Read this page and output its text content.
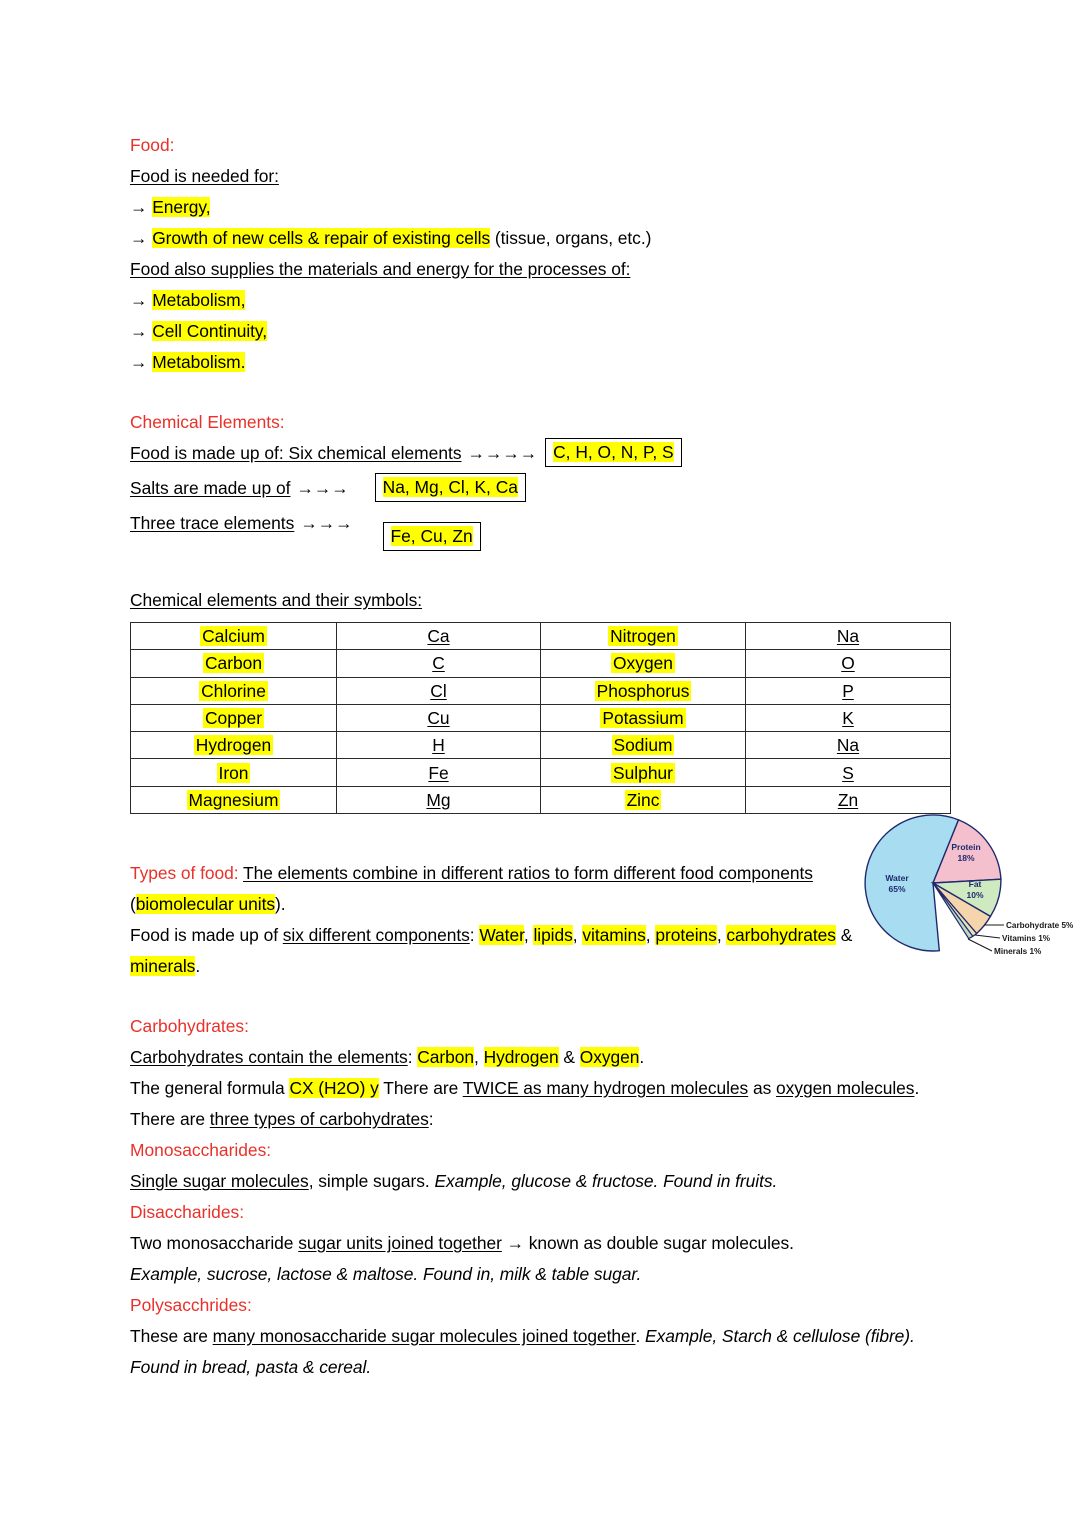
Food:
Food is needed for:
→ Energy,
→ Growth of new cells & repair of existing cells (tissue, organs, etc.)
Food also supplies the materials and energy for the processes of:
→ Metabolism,
→ Cell Continuity,
→ Metabolism.
Chemical Elements:
Food is made up of: Six chemical elements →→→→ C, H, O, N, P, S
Salts are made up of →→→	Na, Mg, Cl, K, Ca
Three trace elements →→→
Fe, Cu, Zn
Chemical elements and their symbols:
Calcium	Ca	Nitrogen	Na
Carbon	C	Oxygen	O
Chlorine	Cl	Phosphorus	P
Copper	Cu	Potassium	K
Hydrogen	H	Sodium	Na
Iron	Fe	Sulphur	S
Magnesium	Mg	Zinc	Zn
Types of food: The elements combine in different ratios to form different food components (biomolecular units).
Food is made up of six different components: Water, lipids, vitamins, proteins, carbohydrates & minerals.
Carbohydrates:
Carbohydrates contain the elements: Carbon, Hydrogen & Oxygen.
The general formula CX (H2O) y There are TWICE as many hydrogen molecules as oxygen molecules.
There are three types of carbohydrates:
Monosaccharides:
Single sugar molecules, simple sugars. Example, glucose & fructose. Found in fruits.
Disaccharides:
Two monosaccharide sugar units joined together → known as double sugar molecules.
Example, sucrose, lactose & maltose. Found in, milk & table sugar.
Polysacchrides:
These are many monosaccharide sugar molecules joined together. Example, Starch & cellulose (fibre). Found in bread, pasta & cereal.
Water
65%
Protein
18%
Fat
10%
Carbohydrate 5%
Vitamins 1%
Minerals 1%
